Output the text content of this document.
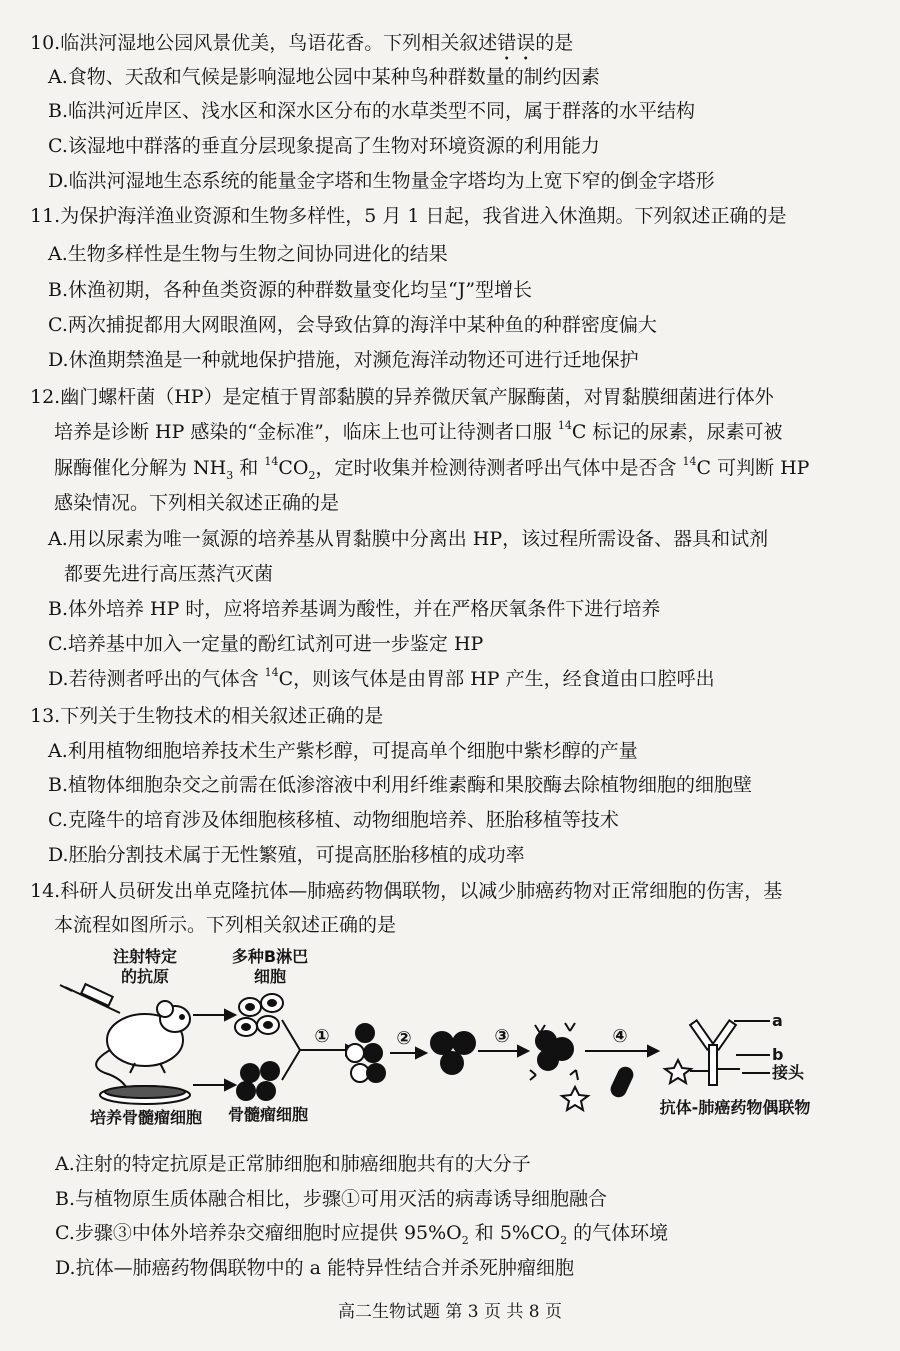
10.临洪河湿地公园风景优美，鸟语花香。下列相关叙述错误的是
A.食物、天敌和气候是影响湿地公园中某种鸟种群数量的制约因素
B.临洪河近岸区、浅水区和深水区分布的水草类型不同，属于群落的水平结构
C.该湿地中群落的垂直分层现象提高了生物对环境资源的利用能力
D.临洪河湿地生态系统的能量金字塔和生物量金字塔均为上宽下窄的倒金字塔形
11.为保护海洋渔业资源和生物多样性，5 月 1 日起，我省进入休渔期。下列叙述正确的是
A.生物多样性是生物与生物之间协同进化的结果
B.休渔初期，各种鱼类资源的种群数量变化均呈“J”型增长
C.两次捕捉都用大网眼渔网，会导致估算的海洋中某种鱼的种群密度偏大
D.休渔期禁渔是一种就地保护措施，对濒危海洋动物还可进行迁地保护
12.幽门螺杆菌（HP）是定植于胃部黏膜的异养微厌氧产脲酶菌，对胃黏膜细菌进行体外
培养是诊断 HP 感染的“金标准”，临床上也可让待测者口服 $^{14}$C 标记的尿素，尿素可被
脲酶催化分解为 $NH_3$ 和 $^{14}CO_2$，定时收集并检测待测者呼出气体中是否含 $^{14}$C 可判断 HP
感染情况。下列相关叙述正确的是
A.用以尿素为唯一氮源的培养基从胃黏膜中分离出 HP，该过程所需设备、器具和试剂
都要先进行高压蒸汽灭菌
B.体外培养 HP 时，应将培养基调为酸性，并在严格厌氧条件下进行培养
C.培养基中加入一定量的酚红试剂可进一步鉴定 HP
D.若待测者呼出的气体含 $^{14}$C，则该气体是由胃部 HP 产生，经食道由口腔呼出
13.下列关于生物技术的相关叙述正确的是
A.利用植物细胞培养技术生产紫杉醇，可提高单个细胞中紫杉醇的产量
B.植物体细胞杂交之前需在低渗溶液中利用纤维素酶和果胶酶去除植物细胞的细胞壁
C.克隆牛的培育涉及体细胞核移植、动物细胞培养、胚胎移植等技术
D.胚胎分割技术属于无性繁殖，可提高胚胎移植的成功率
14.科研人员研发出单克隆抗体—肺癌药物偶联物，以减少肺癌药物对正常细胞的伤害，基
本流程如图所示。下列相关叙述正确的是
注射特定
的抗原
多种B淋巴
细胞
培养骨髓瘤细胞	骨髓瘤细胞
①	②	③	④
a
b
接头
抗体-肺癌药物偶联物
A.注射的特定抗原是正常肺细胞和肺癌细胞共有的大分子
B.与植物原生质体融合相比，步骤①可用灭活的病毒诱导细胞融合
C.步骤③中体外培养杂交瘤细胞时应提供 $95\%O_2$ 和 $5\%CO_2$ 的气体环境
D.抗体—肺癌药物偶联物中的 a 能特异性结合并杀死肿瘤细胞
高二生物试题 第 3 页 共 8 页
